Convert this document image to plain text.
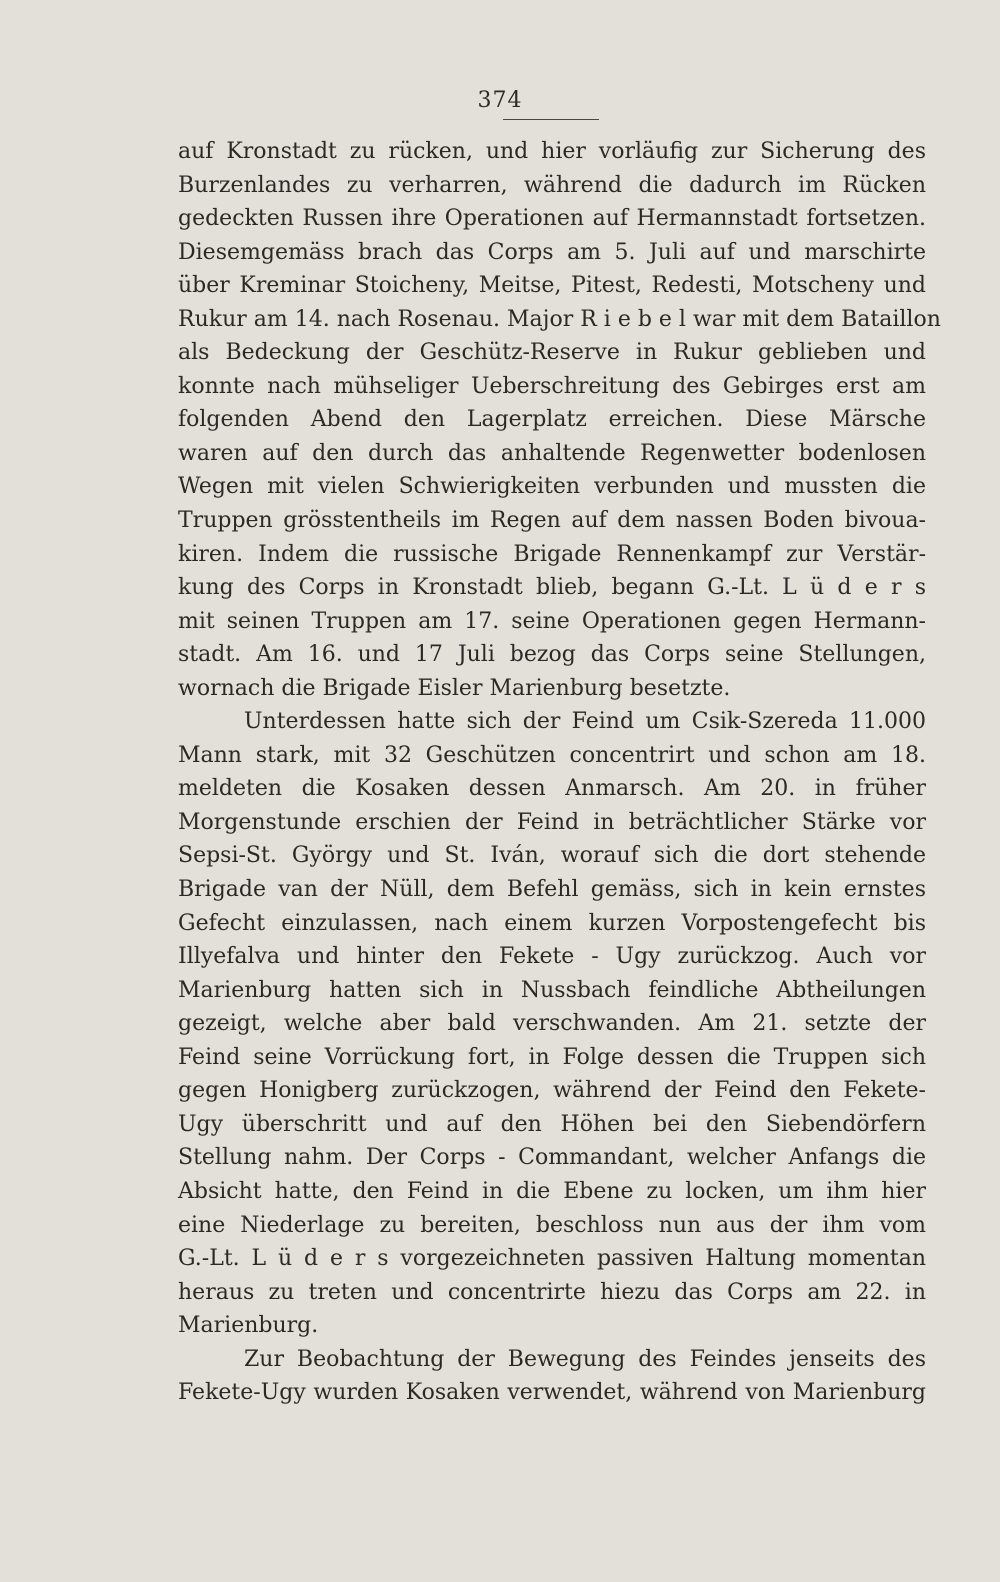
374
auf Kronstadt zu rücken, und hier vorläufig zur Sicherung des
Burzenlandes zu verharren, während die dadurch im Rücken
gedeckten Russen ihre Operationen auf Hermannstadt fortsetzen.
Diesemgemäss brach das Corps am 5. Juli auf und marschirte
über Kreminar Stoicheny, Meitse, Pitest, Redesti, Motscheny und
Rukur am 14. nach Rosenau. Major R i e b e l war mit dem Bataillon
als Bedeckung der Geschütz-Reserve in Rukur geblieben und
konnte nach mühseliger Ueberschreitung des Gebirges erst am
folgenden Abend den Lagerplatz erreichen. Diese Märsche
waren auf den durch das anhaltende Regenwetter bodenlosen
Wegen mit vielen Schwierigkeiten verbunden und mussten die
Truppen grösstentheils im Regen auf dem nassen Boden bivoua-
kiren. Indem die russische Brigade Rennenkampf zur Verstär-
kung des Corps in Kronstadt blieb, begann G.-Lt. L ü d e r s
mit seinen Truppen am 17. seine Operationen gegen Hermann-
stadt. Am 16. und 17 Juli bezog das Corps seine Stellungen,
wornach die Brigade Eisler Marienburg besetzte.
Unterdessen hatte sich der Feind um Csik-Szereda 11.000
Mann stark, mit 32 Geschützen concentrirt und schon am 18.
meldeten die Kosaken dessen Anmarsch. Am 20. in früher
Morgenstunde erschien der Feind in beträchtlicher Stärke vor
Sepsi-St. György und St. Iván, worauf sich die dort stehende
Brigade van der Nüll, dem Befehl gemäss, sich in kein ernstes
Gefecht einzulassen, nach einem kurzen Vorpostengefecht bis
Illyefalva und hinter den Fekete - Ugy zurückzog. Auch vor
Marienburg hatten sich in Nussbach feindliche Abtheilungen
gezeigt, welche aber bald verschwanden. Am 21. setzte der
Feind seine Vorrückung fort, in Folge dessen die Truppen sich
gegen Honigberg zurückzogen, während der Feind den Fekete-
Ugy überschritt und auf den Höhen bei den Siebendörfern
Stellung nahm. Der Corps - Commandant, welcher Anfangs die
Absicht hatte, den Feind in die Ebene zu locken, um ihm hier
eine Niederlage zu bereiten, beschloss nun aus der ihm vom
G.-Lt. L ü d e r s vorgezeichneten passiven Haltung momentan
heraus zu treten und concentrirte hiezu das Corps am 22. in
Marienburg.
Zur Beobachtung der Bewegung des Feindes jenseits des
Fekete-Ugy wurden Kosaken verwendet, während von Marienburg
